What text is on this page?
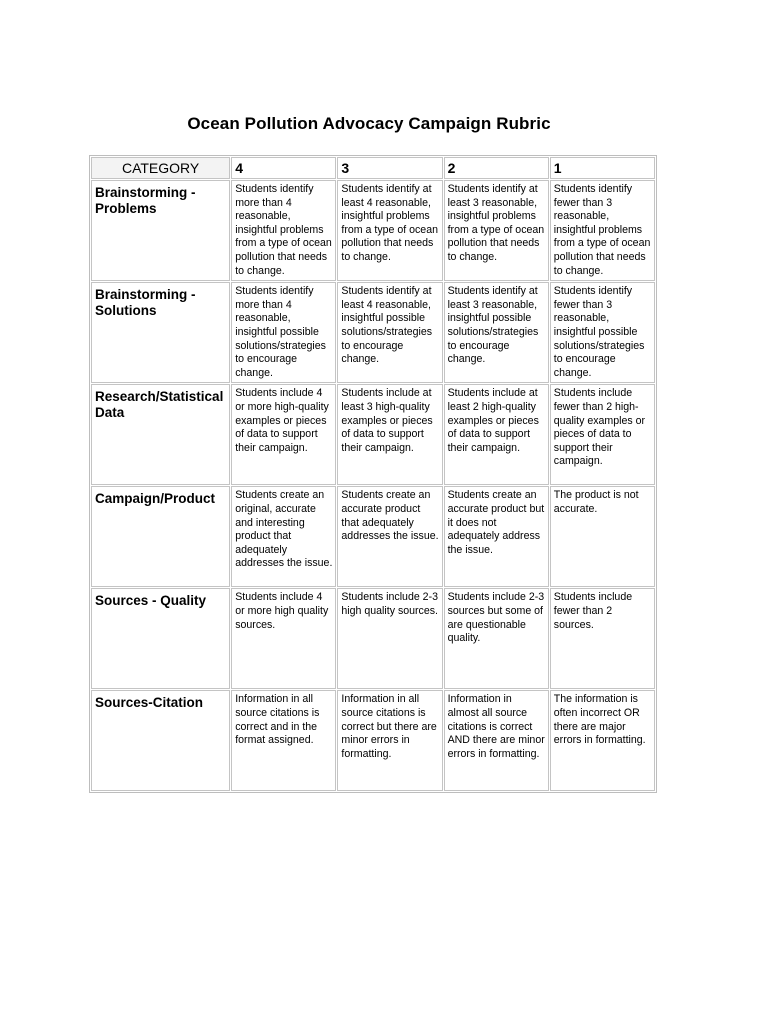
Ocean Pollution Advocacy Campaign Rubric
CATEGORY	4	3	2	1
Brainstorming - Problems	Students identify more than 4 reasonable, insightful problems from a type of ocean pollution that needs to change.	Students identify at least 4 reasonable, insightful problems from a type of ocean pollution that needs to change.	Students identify at least 3 reasonable, insightful problems from a type of ocean pollution that needs to change.	Students identify fewer than 3 reasonable, insightful problems from a type of ocean pollution that needs to change.
Brainstorming - Solutions	Students identify more than 4 reasonable, insightful possible solutions/strategies to encourage change.	Students identify at least 4 reasonable, insightful possible solutions/strategies to encourage change.	Students identify at least 3 reasonable, insightful possible solutions/strategies to encourage change.	Students identify fewer than 3 reasonable, insightful possible solutions/strategies to encourage change.
Research/Statistical Data	Students include 4 or more high-quality examples or pieces of data to support their campaign.	Students include at least 3 high-quality examples or pieces of data to support their campaign.	Students include at least 2 high-quality examples or pieces of data to support their campaign.	Students include fewer than 2 high-quality examples or pieces of data to support their campaign.
Campaign/Product	Students create an original, accurate and interesting product that adequately addresses the issue.	Students create an accurate product that adequately addresses the issue.	Students create an accurate product but it does not adequately address the issue.	The product is not accurate.
Sources - Quality	Students include 4 or more high quality sources.	Students include 2-3 high quality sources.	Students include 2-3 sources but some of are questionable quality.	Students include fewer than 2 sources.
Sources-Citation	Information in all source citations is correct and in the format assigned.	Information in all source citations is correct but there are minor errors in formatting.	Information in almost all source citations is correct AND there are minor errors in formatting.	The information is often incorrect OR there are major errors in formatting.
